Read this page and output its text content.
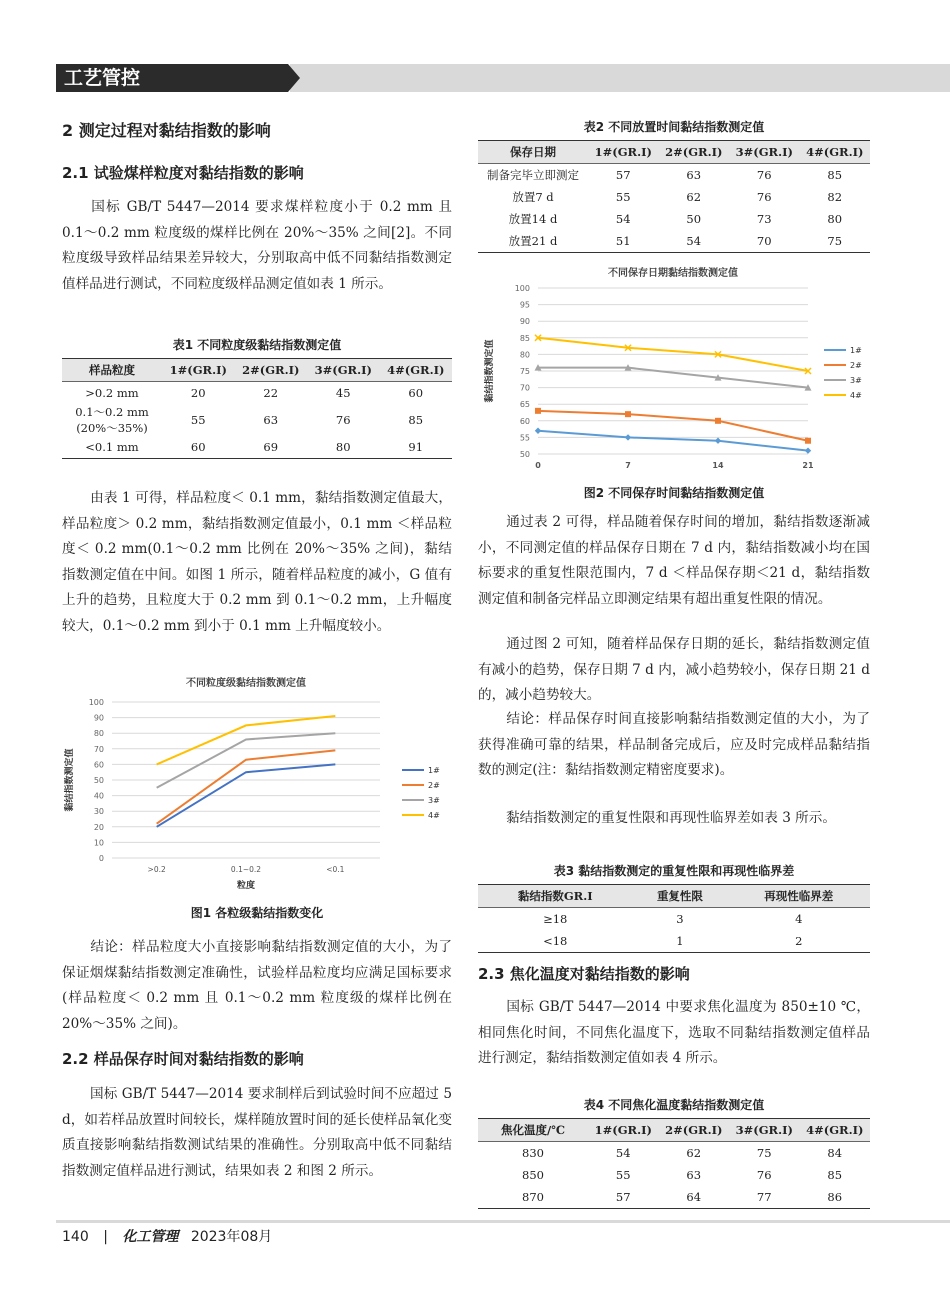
工艺管控
2 测定过程对黏结指数的影响
2.1 试验煤样粒度对黏结指数的影响

国标 GB/T 5447—2014 要求煤样粒度小于 0.2 mm 且 0.1～0.2 mm 粒度级的煤样比例在 20%～35% 之间[2]。不同粒度级导致样品结果差异较大，分别取高中低不同黏结指数测定值样品进行测试，不同粒度级样品测定值如表 1 所示。

表1 不同粒度级黏结指数测定值
样品粒度	1#(GR.I)	2#(GR.I)	3#(GR.I)	4#(GR.I)
>0.2 mm	20	22	45	60
0.1～0.2 mm (20%～35%)	55	63	76	85
<0.1 mm	60	69	80	91

由表 1 可得，样品粒度＜ 0.1 mm，黏结指数测定值最大，样品粒度＞ 0.2 mm，黏结指数测定值最小，0.1 mm ＜样品粒度＜ 0.2 mm(0.1～0.2 mm 比例在 20%～35% 之间)，黏结指数测定值在中间。如图 1 所示，随着样品粒度的减小，G 值有上升的趋势，且粒度大于 0.2 mm 到 0.1～0.2 mm，上升幅度较大，0.1～0.2 mm 到小于 0.1 mm 上升幅度较小。

不同粒度级黏结指数测定值
0
10
20
30
40
50
60
70
80
90
100
>0.2	0.1~0.2	<0.1
黏结指数测定值
粒度
1#
2#
3#
4#
图1 各粒级黏结指数变化

结论：样品粒度大小直接影响黏结指数测定值的大小，为了保证烟煤黏结指数测定准确性，试验样品粒度均应满足国标要求(样品粒度＜ 0.2 mm 且 0.1～0.2 mm 粒度级的煤样比例在 20%～35% 之间)。

2.2 样品保存时间对黏结指数的影响

国标 GB/T 5447—2014 要求制样后到试验时间不应超过 5 d，如若样品放置时间较长，煤样随放置时间的延长使样品氧化变质直接影响黏结指数测试结果的准确性。分别取高中低不同黏结指数测定值样品进行测试，结果如表 2 和图 2 所示。

表2 不同放置时间黏结指数测定值
保存日期	1#(GR.I)	2#(GR.I)	3#(GR.I)	4#(GR.I)
制备完毕立即测定	57	63	76	85
放置7 d	55	62	76	82
放置14 d	54	50	73	80
放置21 d	51	54	70	75
不同保存日期黏结指数测定值
50
55
60
65
70
75
80
85
90
95
100
0	7	14	21
黏结指数测定值	1#
2#
3#
4#
图2 不同保存时间黏结指数测定值

通过表 2 可得，样品随着保存时间的增加，黏结指数逐渐减小，不同测定值的样品保存日期在 7 d 内，黏结指数减小均在国标要求的重复性限范围内，7 d ＜样品保存期＜21 d，黏结指数测定值和制备完样品立即测定结果有超出重复性限的情况。

通过图 2 可知，随着样品保存日期的延长，黏结指数测定值有减小的趋势，保存日期 7 d 内，减小趋势较小，保存日期 21 d 的，减小趋势较大。

结论：样品保存时间直接影响黏结指数测定值的大小，为了获得准确可靠的结果，样品制备完成后，应及时完成样品黏结指数的测定(注：黏结指数测定精密度要求)。

黏结指数测定的重复性限和再现性临界差如表 3 所示。

表3 黏结指数测定的重复性限和再现性临界差
黏结指数GR.I	重复性限	再现性临界差
≥18	3	4
<18	1	2
2.3 焦化温度对黏结指数的影响

国标 GB/T 5447—2014 中要求焦化温度为 850±10 ℃，相同焦化时间，不同焦化温度下，选取不同黏结指数测定值样品进行测定，黏结指数测定值如表 4 所示。

表4 不同焦化温度黏结指数测定值
焦化温度/℃	1#(GR.I)	2#(GR.I)	3#(GR.I)	4#(GR.I)
830	54	62	75	84
850	55	63	76	85
870	57	64	77	86
140 | 化工管理 2023年08月
